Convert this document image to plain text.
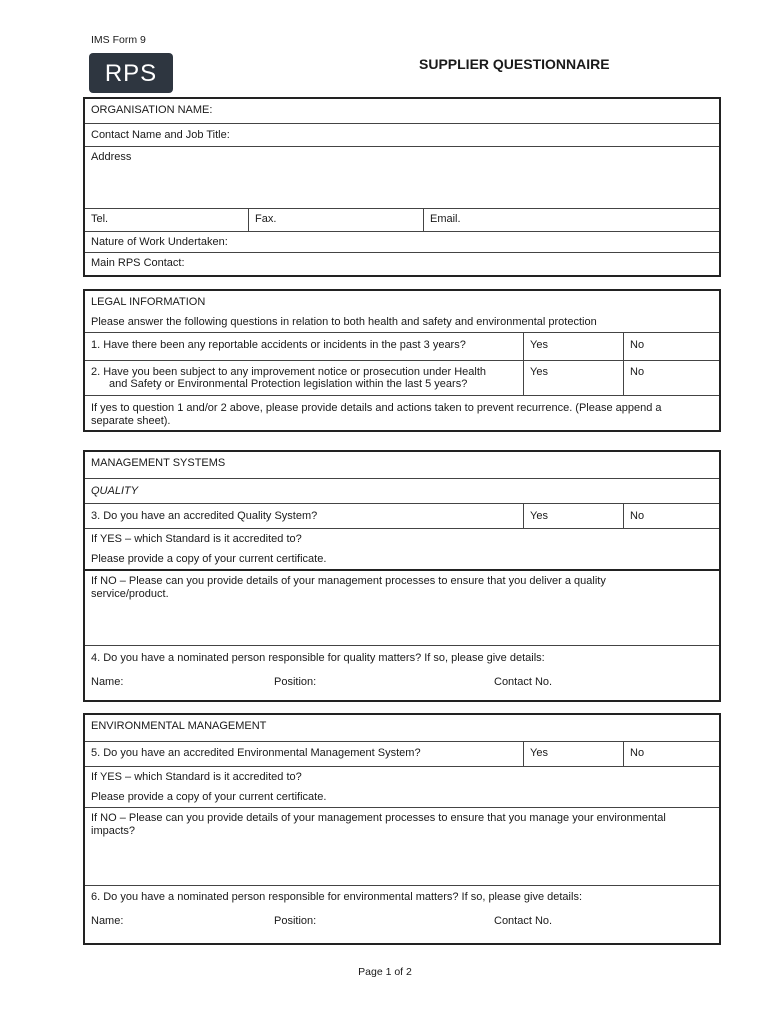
IMS Form 9
RPS	SUPPLIER QUESTIONNAIRE
ORGANISATION NAME:
Contact Name and Job Title:
Address
Tel.	Fax.	Email.
Nature of Work Undertaken:
Main RPS Contact:
LEGAL INFORMATION
Please answer the following questions in relation to both health and safety and environmental protection
1. Have there been any reportable accidents or incidents in the past 3 years?	Yes	No
2. Have you been subject to any improvement notice or prosecution under Health
and Safety or Environmental Protection legislation within the last 5 years?
Yes	No
If yes to question 1 and/or 2 above, please provide details and actions taken to prevent recurrence. (Please append a
separate sheet).
MANAGEMENT SYSTEMS
QUALITY
3. Do you have an accredited Quality System?	Yes	No
If YES – which Standard is it accredited to?
Please provide a copy of your current certificate.
If NO – Please can you provide details of your management processes to ensure that you deliver a quality
service/product.
4. Do you have a nominated person responsible for quality matters? If so, please give details:
Name:	Position:	Contact No.
ENVIRONMENTAL MANAGEMENT
5. Do you have an accredited Environmental Management System?	Yes	No
If YES – which Standard is it accredited to?
Please provide a copy of your current certificate.
If NO – Please can you provide details of your management processes to ensure that you manage your environmental
impacts?
6. Do you have a nominated person responsible for environmental matters? If so, please give details:
Name:	Position:	Contact No.
Page 1 of 2
